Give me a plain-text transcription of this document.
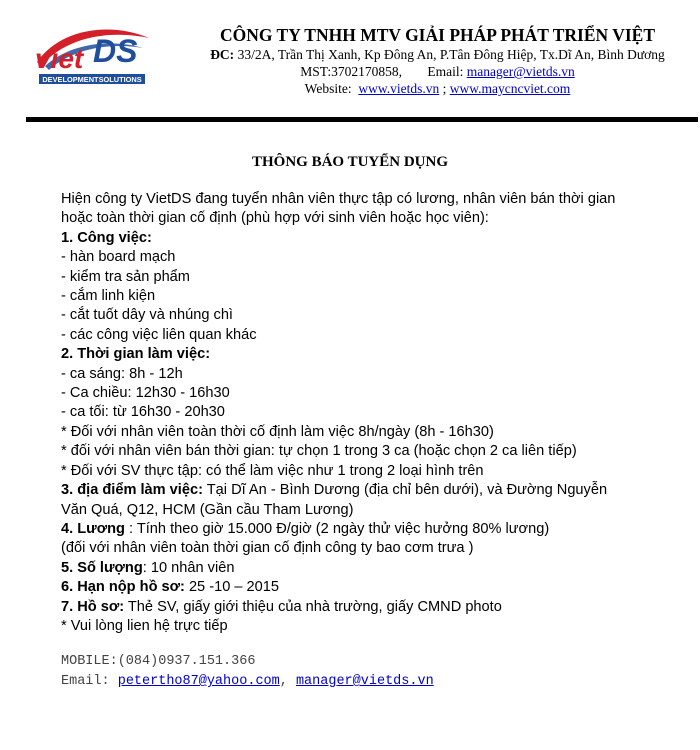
viet DS
DEVELOPMENTSOLUTIONS
CÔNG TY TNHH MTV GIẢI PHÁP PHÁT TRIỂN VIỆT
ĐC: 33/2A, Trần Thị Xanh, Kp Đông An, P.Tân Đông Hiệp, Tx.Dĩ An, Bình Dương
MST:3702170858, Email: manager@vietds.vn
Website: www.vietds.vn ; www.maycncviet.com
THÔNG BÁO TUYỂN DỤNG
Hiện công ty VietDS đang tuyển nhân viên thực tập có lương, nhân viên bán thời gian
hoặc toàn thời gian cố định (phù hợp với sinh viên hoặc học viên):
1. Công việc:
- hàn board mạch
- kiểm tra sản phẩm
- cắm linh kiện
- cắt tuốt dây và nhúng chì
- các công việc liên quan khác
2. Thời gian làm việc:
- ca sáng: 8h - 12h
- Ca chiều: 12h30 - 16h30
- ca tối: từ 16h30 - 20h30
* Đối với nhân viên toàn thời cố định làm việc 8h/ngày (8h - 16h30)
* đối với nhân viên bán thời gian: tự chọn 1 trong 3 ca (hoặc chọn 2 ca liên tiếp)
* Đối với SV thực tập: có thể làm việc như 1 trong 2 loại hình trên
3. địa điểm làm việc: Tại Dĩ An - Bình Dương (địa chỉ bên dưới), và Đường Nguyễn
Văn Quá, Q12, HCM (Gần cầu Tham Lương)
4. Lương : Tính theo giờ 15.000 Đ/giờ (2 ngày thử việc hưởng 80% lương)
(đối với nhân viên toàn thời gian cố định công ty bao cơm trưa )
5. Số lượng: 10 nhân viên
6. Hạn nộp hồ sơ: 25 -10 – 2015
7. Hồ sơ: Thẻ SV, giấy giới thiệu của nhà trường, giấy CMND photo
* Vui lòng lien hệ trực tiếp
MOBILE:(084)0937.151.366
Email: petertho87@yahoo.com, manager@vietds.vn
